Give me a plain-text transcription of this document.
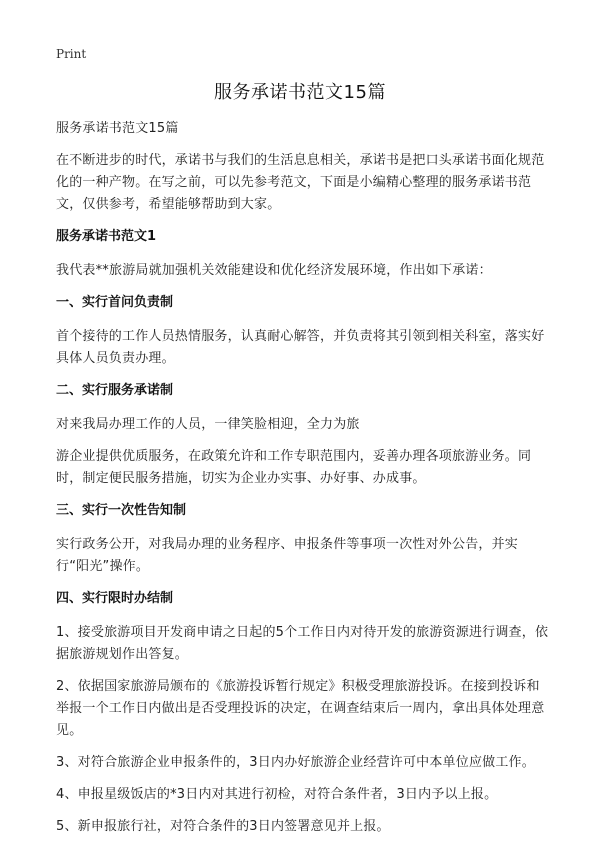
Print
服务承诺书范文15篇

服务承诺书范文15篇

在不断进步的时代，承诺书与我们的生活息息相关，承诺书是把口头承诺书面化规范化的一种产物。在写之前，可以先参考范文，下面是小编精心整理的服务承诺书范文，仅供参考，希望能够帮助到大家。

服务承诺书范文1

我代表**旅游局就加强机关效能建设和优化经济发展环境，作出如下承诺：

一、实行首问负责制

首个接待的工作人员热情服务，认真耐心解答，并负责将其引领到相关科室，落实好具体人员负责办理。

二、实行服务承诺制

对来我局办理工作的人员，一律笑脸相迎，全力为旅

游企业提供优质服务，在政策允许和工作专职范围内，妥善办理各项旅游业务。同时，制定便民服务措施，切实为企业办实事、办好事、办成事。

三、实行一次性告知制

实行政务公开，对我局办理的业务程序、申报条件等事项一次性对外公告，并实行“阳光”操作。

四、实行限时办结制

1、接受旅游项目开发商申请之日起的5个工作日内对待开发的旅游资源进行调查，依据旅游规划作出答复。

2、依据国家旅游局颁布的《旅游投诉暂行规定》积极受理旅游投诉。在接到投诉和举报一个工作日内做出是否受理投诉的决定，在调查结束后一周内，拿出具体处理意见。

3、对符合旅游企业申报条件的，3日内办好旅游企业经营许可中本单位应做工作。

4、申报星级饭店的*3日内对其进行初检，对符合条件者，3日内予以上报。

5、新申报旅行社，对符合条件的3日内签署意见并上报。
